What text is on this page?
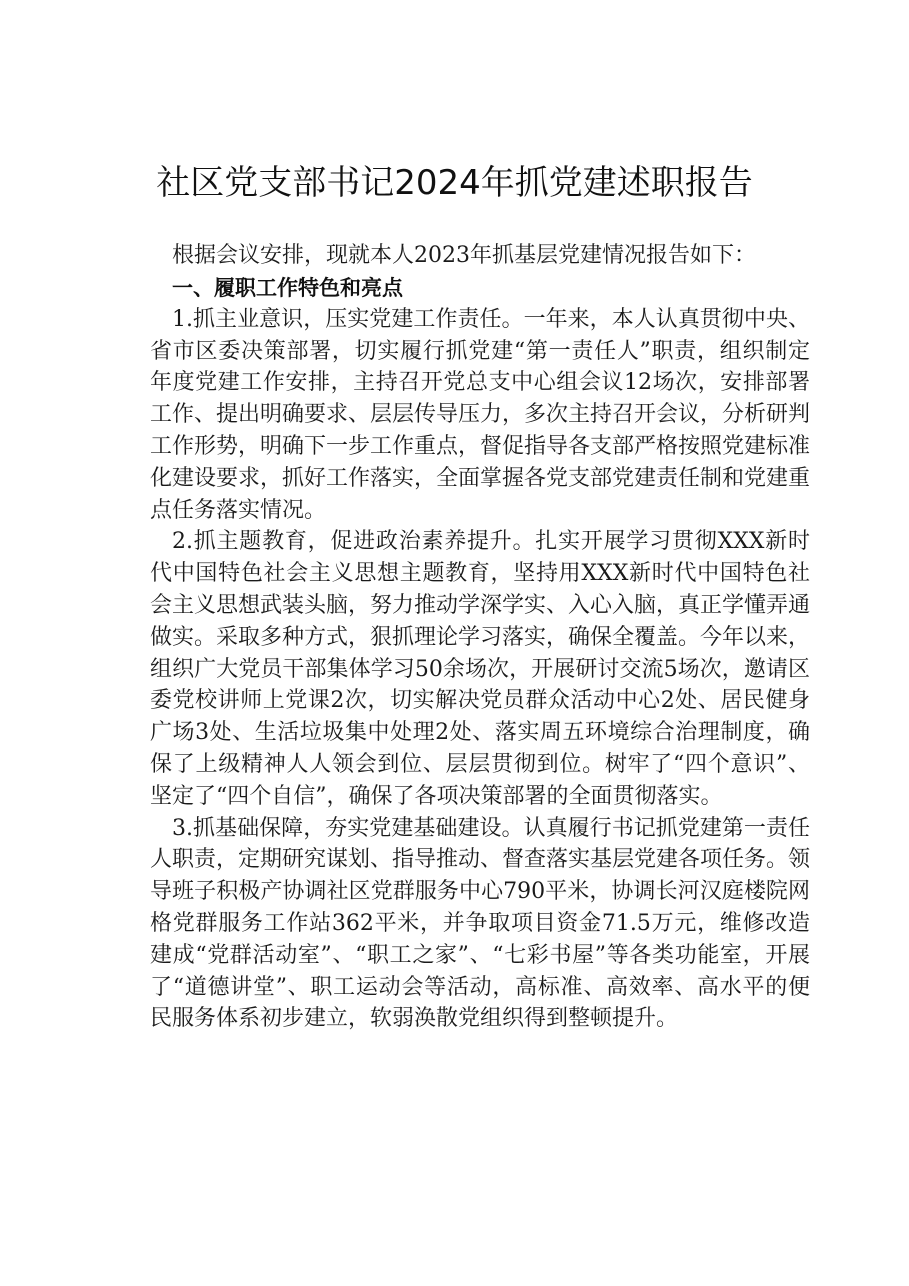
社区党支部书记2024年抓党建述职报告

根据会议安排，现就本人2023年抓基层党建情况报告如下：

一、履职工作特色和亮点

1.抓主业意识，压实党建工作责任。一年来，本人认真贯彻中央、省市区委决策部署，切实履行抓党建“第一责任人”职责，组织制定年度党建工作安排，主持召开党总支中心组会议12场次，安排部署工作、提出明确要求、层层传导压力，多次主持召开会议，分析研判工作形势，明确下一步工作重点，督促指导各支部严格按照党建标准化建设要求，抓好工作落实，全面掌握各党支部党建责任制和党建重点任务落实情况。

2.抓主题教育，促进政治素养提升。扎实开展学习贯彻XXX新时代中国特色社会主义思想主题教育，坚持用XXX新时代中国特色社会主义思想武装头脑，努力推动学深学实、入心入脑，真正学懂弄通做实。采取多种方式，狠抓理论学习落实，确保全覆盖。今年以来，组织广大党员干部集体学习50余场次，开展研讨交流5场次，邀请区委党校讲师上党课2次，切实解决党员群众活动中心2处、居民健身广场3处、生活垃圾集中处理2处、落实周五环境综合治理制度，确保了上级精神人人领会到位、层层贯彻到位。树牢了“四个意识”、坚定了“四个自信”，确保了各项决策部署的全面贯彻落实。

3.抓基础保障，夯实党建基础建设。认真履行书记抓党建第一责任人职责，定期研究谋划、指导推动、督查落实基层党建各项任务。领导班子积极产协调社区党群服务中心790平米，协调长河汉庭楼院网格党群服务工作站362平米，并争取项目资金71.5万元，维修改造建成“党群活动室”、“职工之家”、“七彩书屋”等各类功能室，开展了“道德讲堂”、职工运动会等活动，高标准、高效率、高水平的便民服务体系初步建立，软弱涣散党组织得到整顿提升。
